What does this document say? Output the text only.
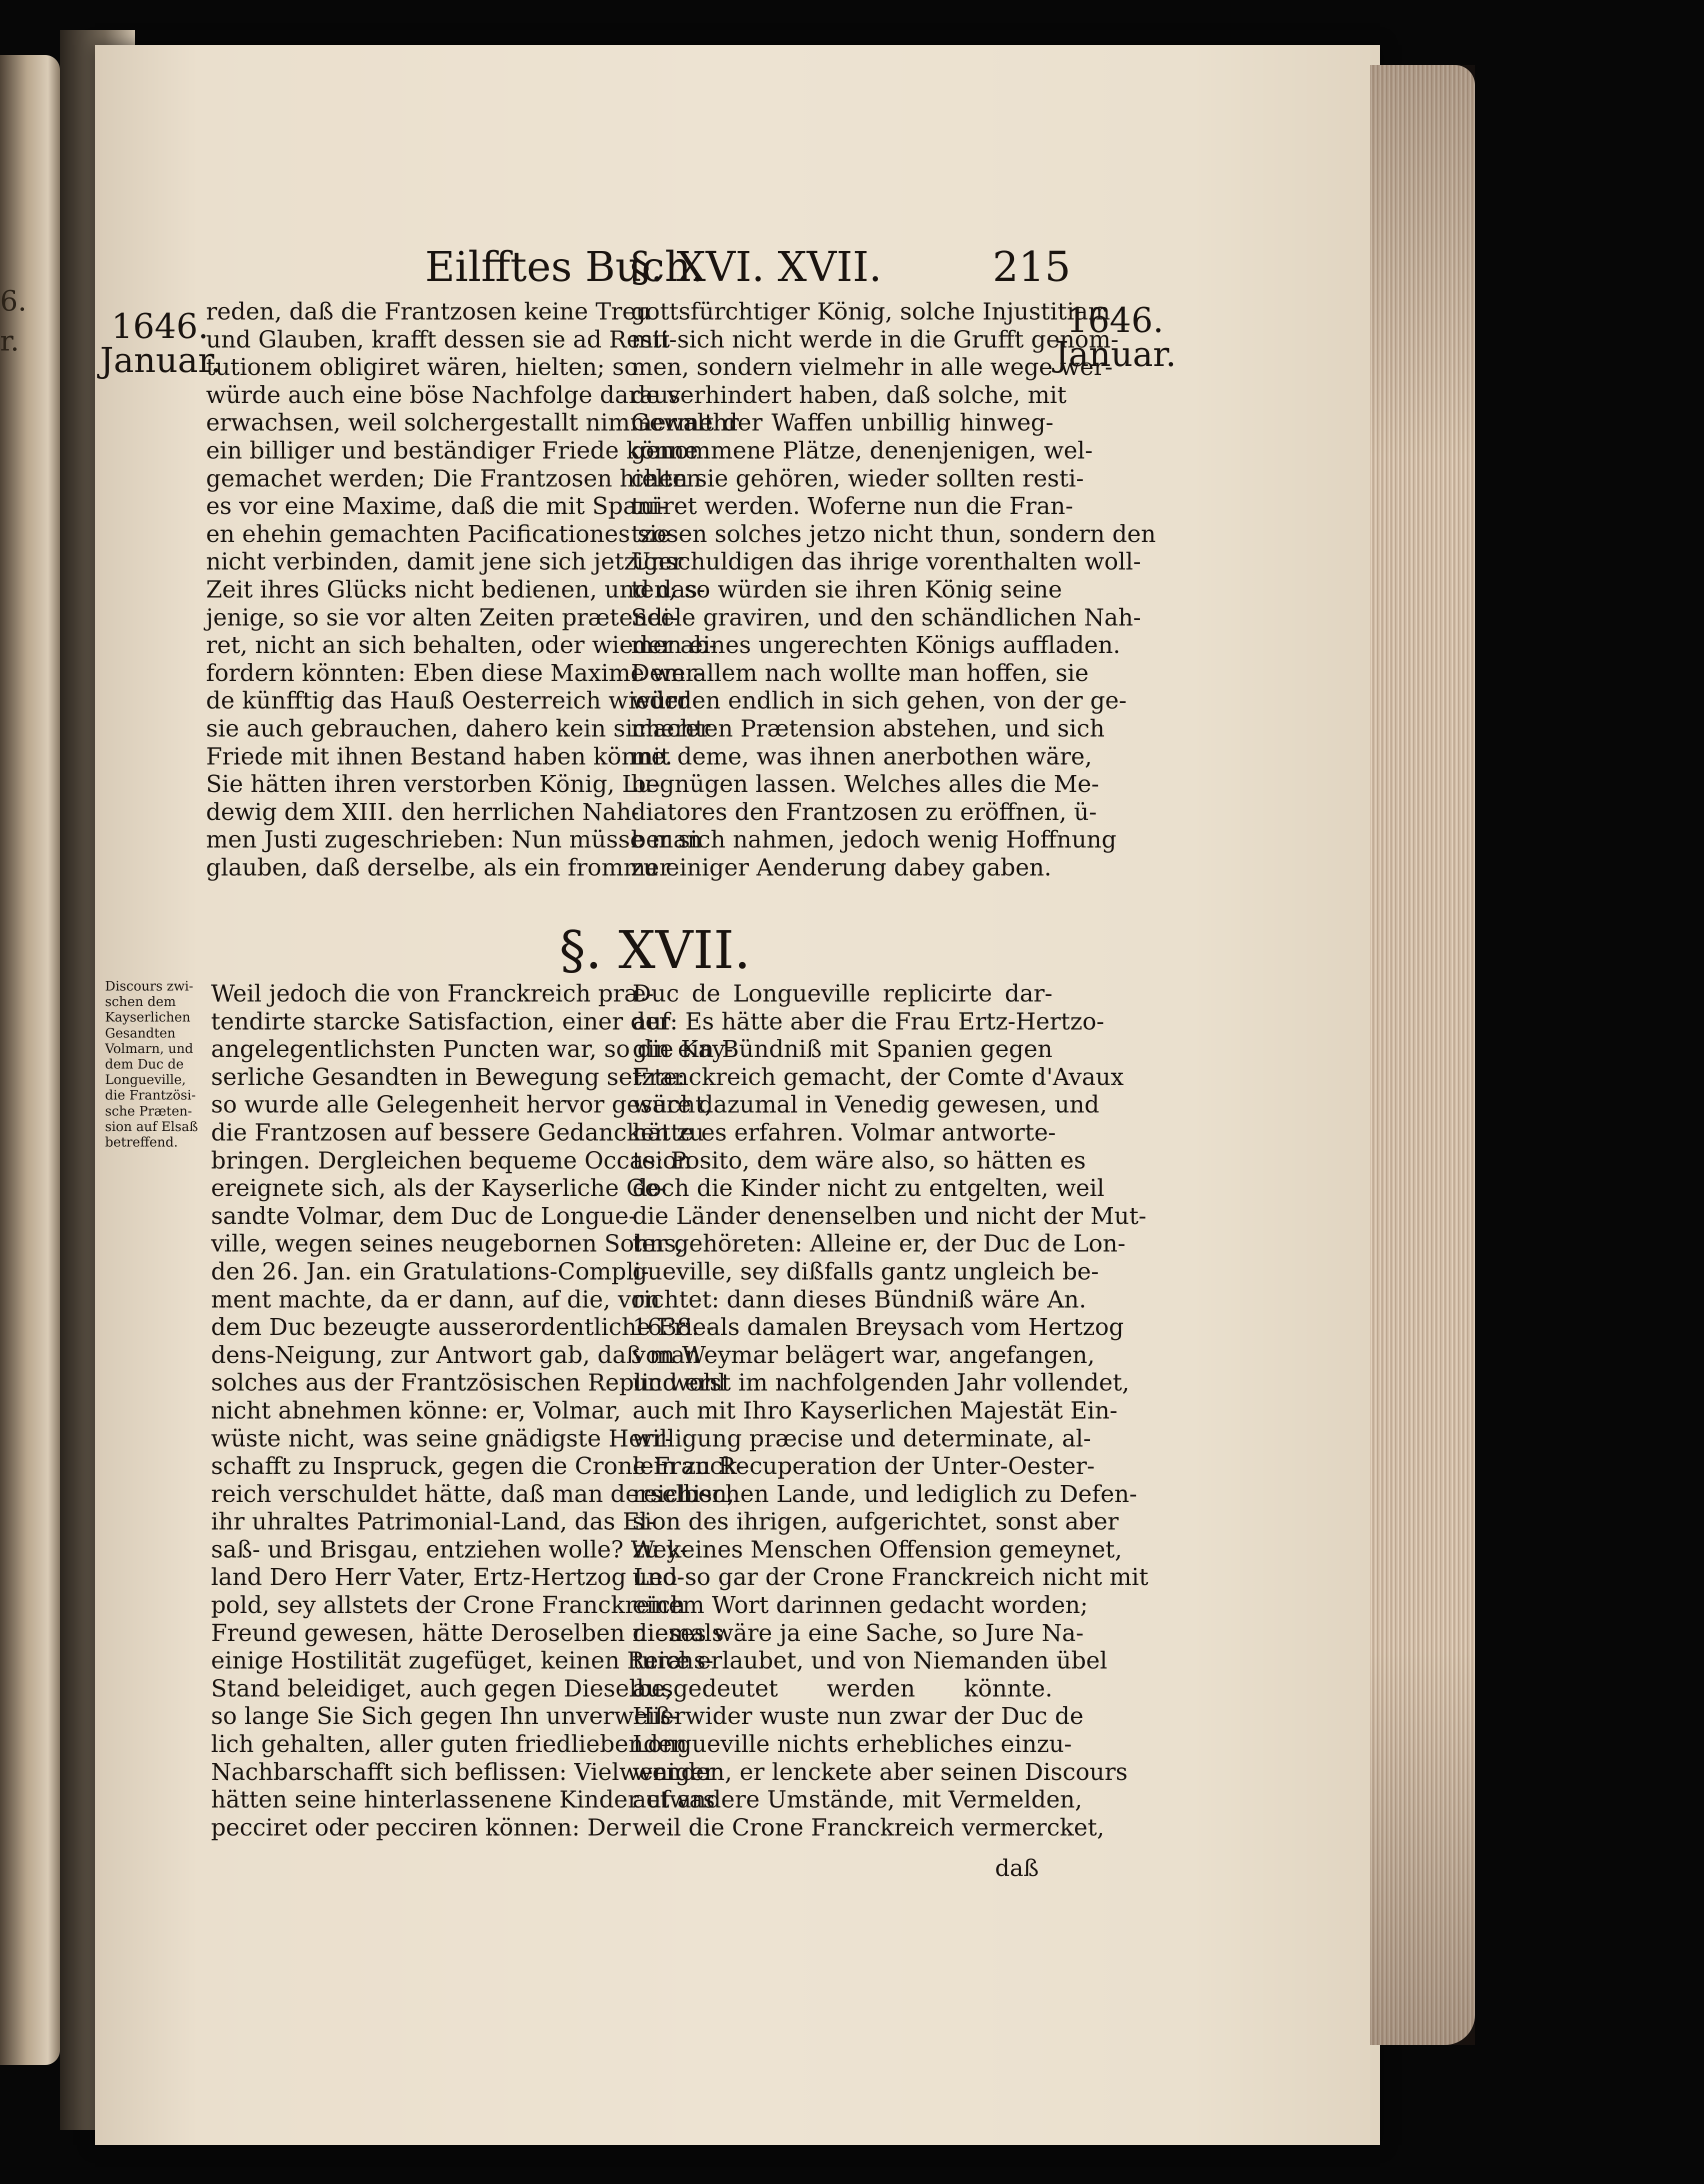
6.
r.
Eilfftes Buch.
§. XVI. XVII.	215
1646.
Januar.
1646.
Januar.
reden, daß die Frantzosen keine Treu
und Glauben, krafft dessen sie ad Resti-
tutionem obligiret wären, hielten; so
würde auch eine böse Nachfolge daraus
erwachsen, weil solchergestallt nimmermehr
ein billiger und beständiger Friede könne
gemachet werden; Die Frantzosen hielten
es vor eine Maxime, daß die mit Spani-
en ehehin gemachten Pacificationes sie
nicht verbinden, damit jene sich jetziger
Zeit ihres Glücks nicht bedienen, und das-
jenige, so sie vor alten Zeiten prætendi-
ret, nicht an sich behalten, oder wieder ab-
fordern könnten: Eben diese Maxime wer-
de künfftig das Hauß Oesterreich wieder
sie auch gebrauchen, dahero kein sicherer
Friede mit ihnen Bestand haben könne.
Sie hätten ihren verstorben König, Lu-
dewig dem XIII. den herrlichen Nah-
men Justi zugeschrieben: Nun müsse man
glauben, daß derselbe, als ein frommer
gottsfürchtiger König, solche Injustitiam
mit sich nicht werde in die Grufft genom-
men, sondern vielmehr in alle wege wer-
de verhindert haben, daß solche, mit
Gewalt der Waffen unbillig hinweg-
genommene Plätze, denenjenigen, wel-
chen sie gehören, wieder sollten resti-
tuiret werden. Woferne nun die Fran-
tzosen solches jetzo nicht thun, sondern den
Unschuldigen das ihrige vorenthalten woll-
ten; so würden sie ihren König seine
Seele graviren, und den schändlichen Nah-
men eines ungerechten Königs auffladen.
Dem allem nach wollte man hoffen, sie
würden endlich in sich gehen, von der ge-
machten Prætension abstehen, und sich
mit deme, was ihnen anerbothen wäre,
begnügen lassen. Welches alles die Me-
diatores den Frantzosen zu eröffnen, ü-
ber sich nahmen, jedoch wenig Hoffnung
zu einiger Aenderung dabey gaben.
§. XVII.
Discours zwi-
schen dem
Kayserlichen
Gesandten
Volmarn, und
dem Duc de
Longueville,
die Frantzösi-
sche Præten-
sion auf Elsaß
betreffend.
Weil jedoch die von Franckreich præ-
tendirte starcke Satisfaction, einer der
angelegentlichsten Puncten war, so die Kay-
serliche Gesandten in Bewegung setzte:
so wurde alle Gelegenheit hervor gesucht,
die Frantzosen auf bessere Gedancken zu
bringen. Dergleichen bequeme Occasion
ereignete sich, als der Kayserliche Ge-
sandte Volmar, dem Duc de Longue-
ville, wegen seines neugebornen Sohns,
den 26. Jan. ein Gratulations-Compli-
ment machte, da er dann, auf die, von
dem Duc bezeugte ausserordentliche Frie-
dens-Neigung, zur Antwort gab, daß man
solches aus der Frantzösischen Replic wohl
nicht abnehmen könne: er, Volmar,
wüste nicht, was seine gnädigste Herr-
schafft zu Inspruck, gegen die Crone Franck-
reich verschuldet hätte, daß man derselben,
ihr uhraltes Patrimonial-Land, das El-
saß- und Brisgau, entziehen wolle? Wey-
land Dero Herr Vater, Ertz-Hertzog Leo-
pold, sey allstets der Crone Franckreich
Freund gewesen, hätte Deroselben niemals
einige Hostilität zugefüget, keinen Reichs-
Stand beleidiget, auch gegen Dieselbe,
so lange Sie Sich gegen Ihn unverweiß-
lich gehalten, aller guten friedliebenden
Nachbarschafft sich beflissen: Vielweniger
hätten seine hinterlassenene Kinder etwas
pecciret oder pecciren können: Der
Duc de Longueville replicirte dar-
auf: Es hätte aber die Frau Ertz-Hertzo-
gin ein Bündniß mit Spanien gegen
Franckreich gemacht, der Comte d'Avaux
wäre dazumal in Venedig gewesen, und
hätte es erfahren. Volmar antworte-
te: Posito, dem wäre also, so hätten es
doch die Kinder nicht zu entgelten, weil
die Länder denenselben und nicht der Mut-
ter gehöreten: Alleine er, der Duc de Lon-
gueville, sey dißfalls gantz ungleich be-
richtet: dann dieses Bündniß wäre An.
1638. als damalen Breysach vom Hertzog
von Weymar belägert war, angefangen,
und erst im nachfolgenden Jahr vollendet,
auch mit Ihro Kayserlichen Majestät Ein-
willigung præcise und determinate, al-
lein zu Recuperation der Unter-Oester-
reichischen Lande, und lediglich zu Defen-
sion des ihrigen, aufgerichtet, sonst aber
zu keines Menschen Offension gemeynet,
und so gar der Crone Franckreich nicht mit
einem Wort darinnen gedacht worden;
dieses wäre ja eine Sache, so Jure Na-
turæ erlaubet, und von Niemanden übel
ausgedeutet werden könnte.
Hierwider wuste nun zwar der Duc de
Longueville nichts erhebliches einzu-
wenden, er lenckete aber seinen Discours
auf andere Umstände, mit Vermelden,
weil die Crone Franckreich vermercket,
daß
